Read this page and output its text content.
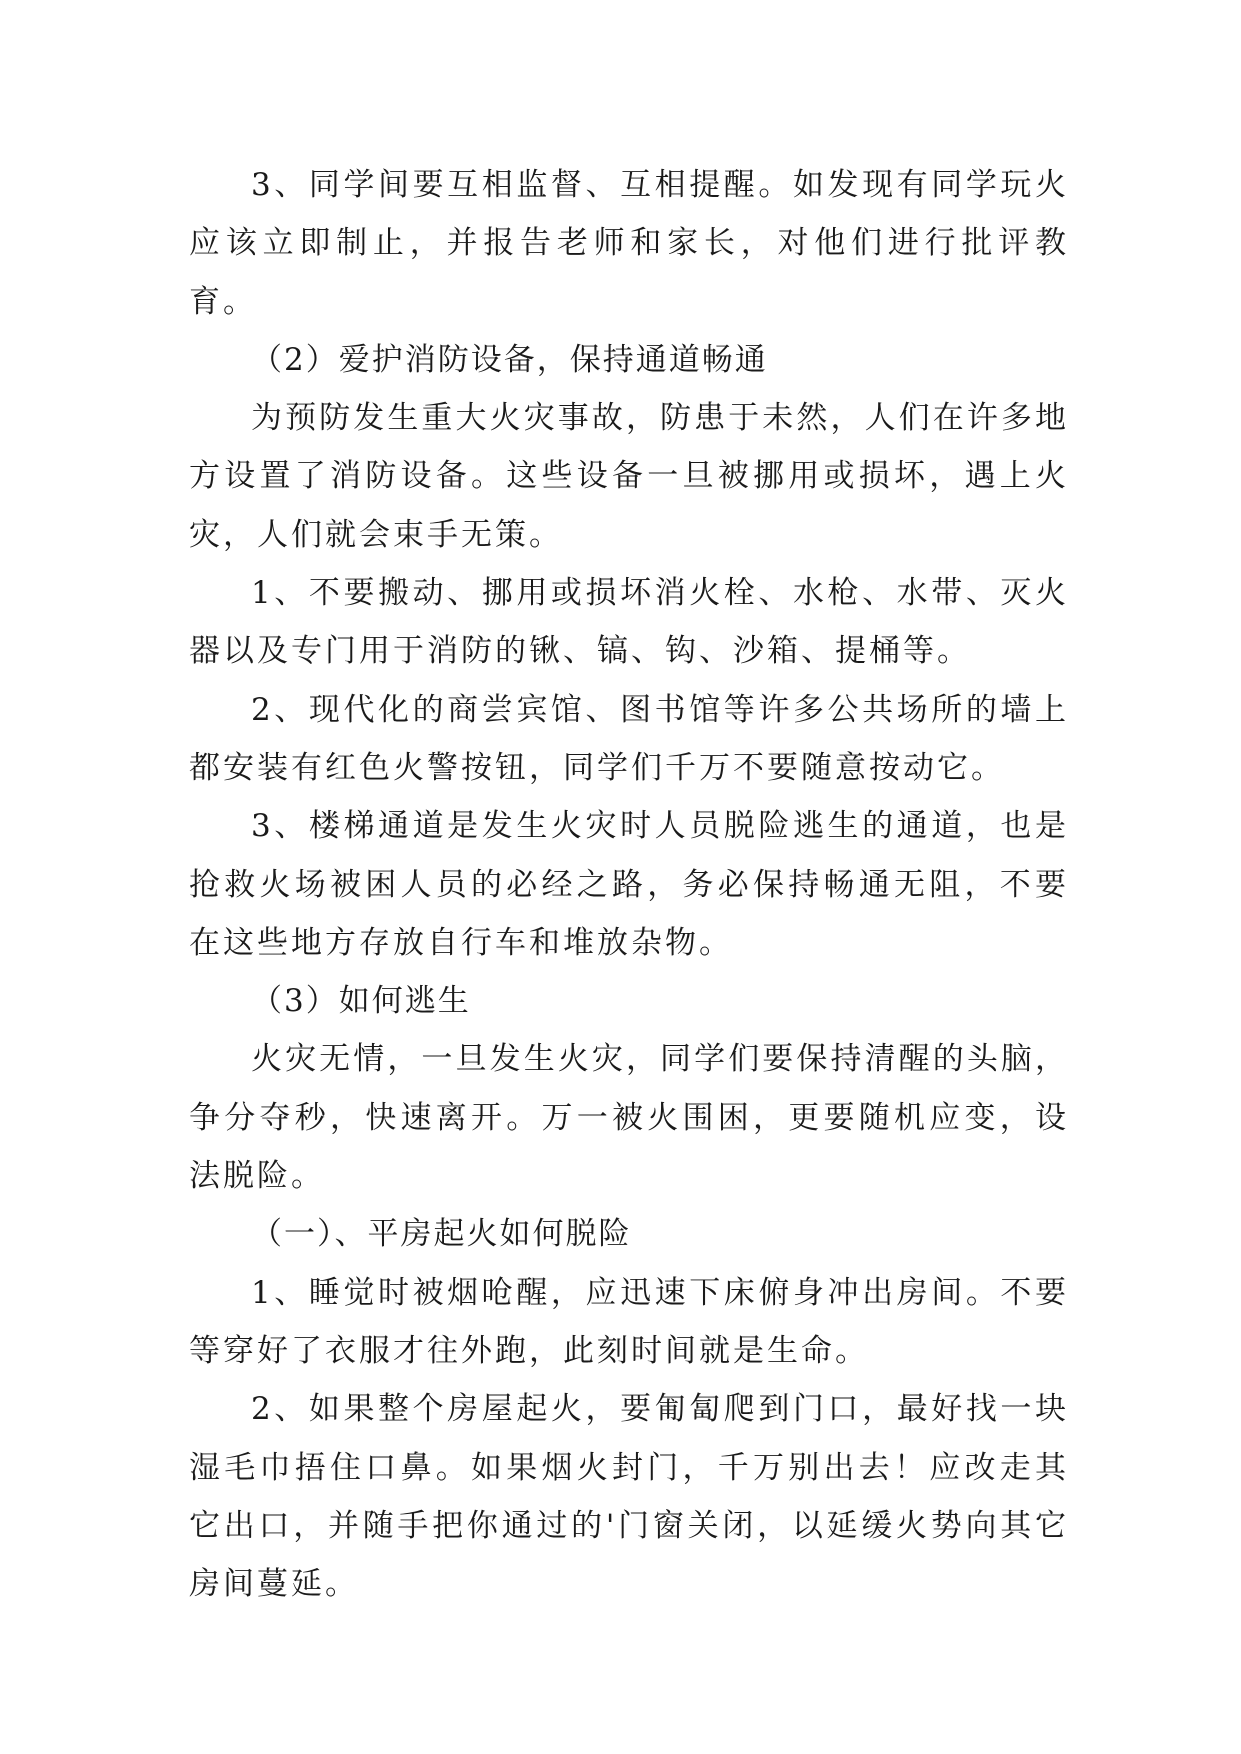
3、同学间要互相监督、互相提醒。如发现有同学玩火应该立即制止，并报告老师和家长，对他们进行批评教育。

（2）爱护消防设备，保持通道畅通

为预防发生重大火灾事故，防患于未然，人们在许多地方设置了消防设备。这些设备一旦被挪用或损坏，遇上火灾，人们就会束手无策。

1、不要搬动、挪用或损坏消火栓、水枪、水带、灭火器以及专门用于消防的锹、镐、钩、沙箱、提桶等。

2、现代化的商尝宾馆、图书馆等许多公共场所的墙上都安装有红色火警按钮，同学们千万不要随意按动它。

3、楼梯通道是发生火灾时人员脱险逃生的通道，也是抢救火场被困人员的必经之路，务必保持畅通无阻，不要在这些地方存放自行车和堆放杂物。

（3）如何逃生

火灾无情，一旦发生火灾，同学们要保持清醒的头脑，争分夺秒，快速离开。万一被火围困，更要随机应变，设法脱险。

（一）、平房起火如何脱险

1、睡觉时被烟呛醒，应迅速下床俯身冲出房间。不要等穿好了衣服才往外跑，此刻时间就是生命。

2、如果整个房屋起火，要匍匐爬到门口，最好找一块湿毛巾捂住口鼻。如果烟火封门，千万别出去！应改走其它出口，并随手把你通过的'门窗关闭，以延缓火势向其它房间蔓延。
